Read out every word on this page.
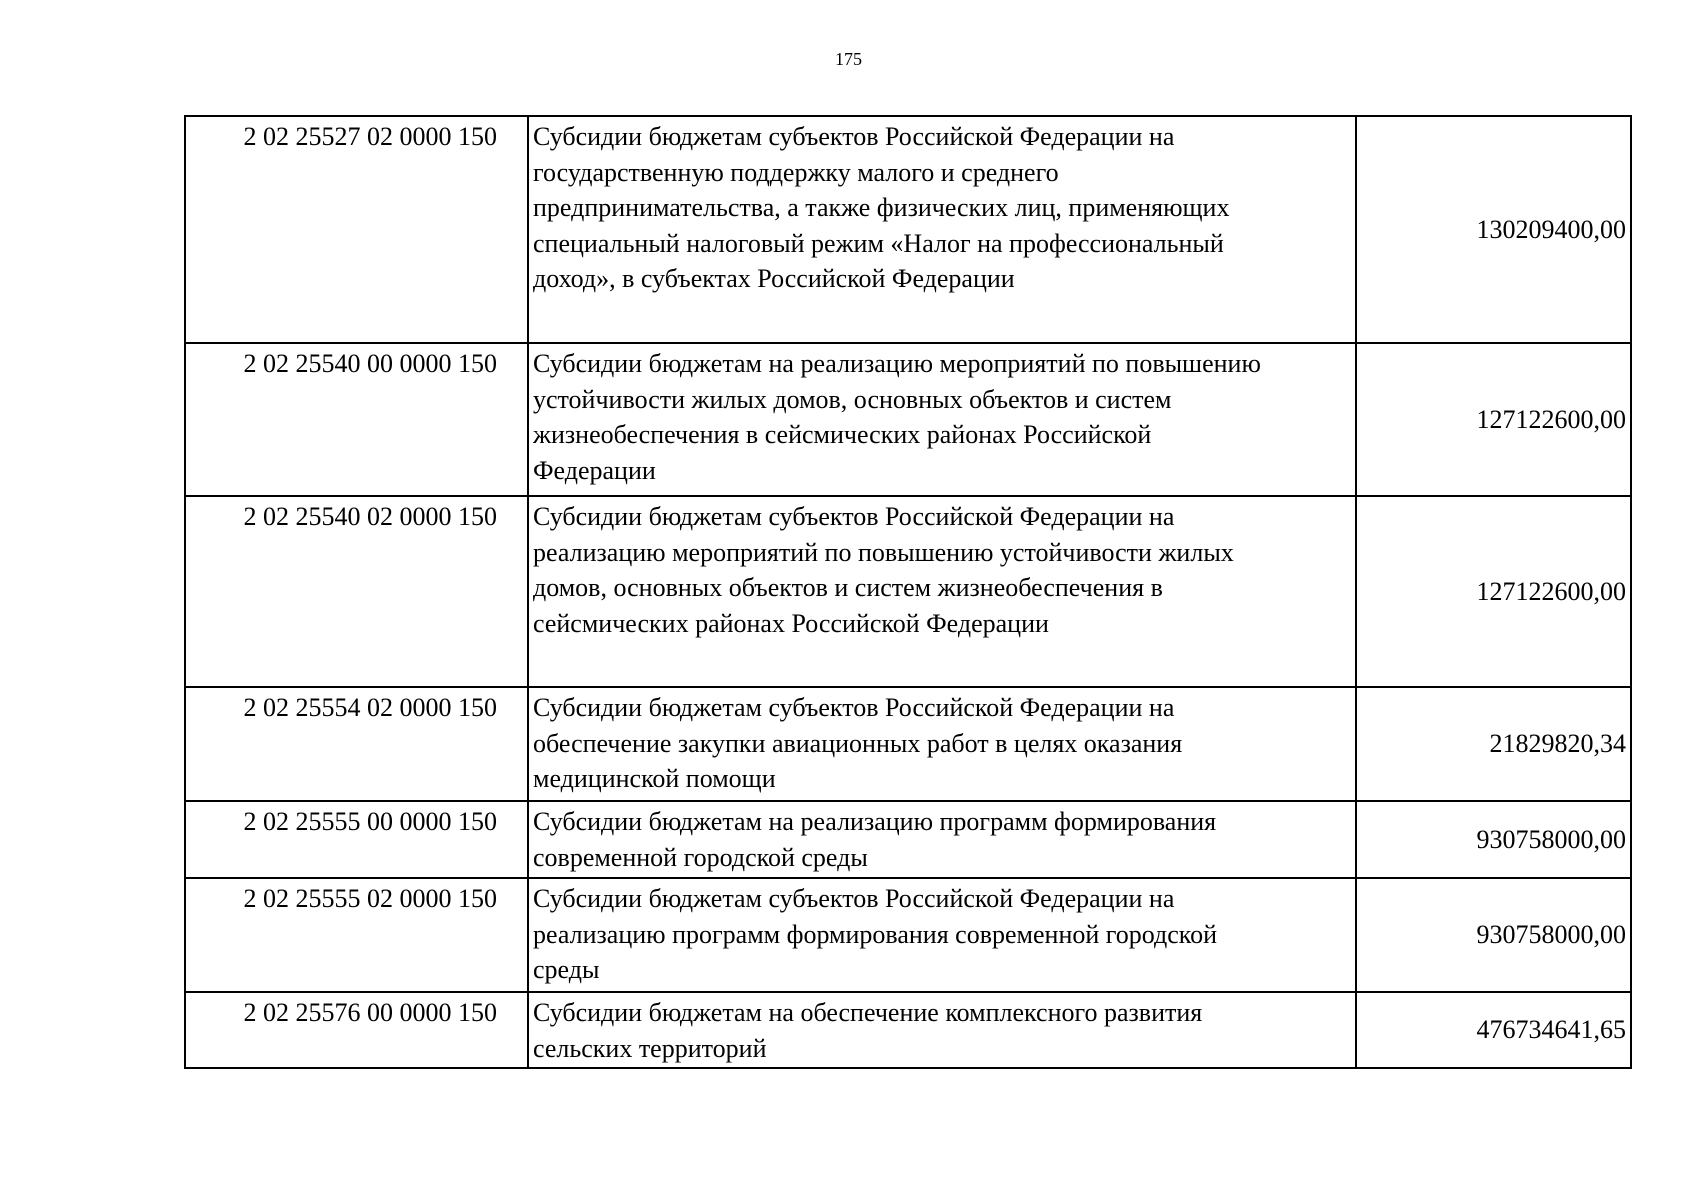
175
2 02 25527 02 0000 150	Субсидии бюджетам субъектов Российской Федерации на
государственную поддержку малого и среднего
предпринимательства, а также физических лиц, применяющих
специальный налоговый режим «Налог на профессиональный
доход», в субъектах Российской Федерации	130209400,00
2 02 25540 00 0000 150	Субсидии бюджетам на реализацию мероприятий по повышению
устойчивости жилых домов, основных объектов и систем
жизнеобеспечения в сейсмических районах Российской
Федерации	127122600,00
2 02 25540 02 0000 150	Субсидии бюджетам субъектов Российской Федерации на
реализацию мероприятий по повышению устойчивости жилых
домов, основных объектов и систем жизнеобеспечения в
сейсмических районах Российской Федерации	127122600,00
2 02 25554 02 0000 150	Субсидии бюджетам субъектов Российской Федерации на
обеспечение закупки авиационных работ в целях оказания
медицинской помощи	21829820,34
2 02 25555 00 0000 150	Субсидии бюджетам на реализацию программ формирования
современной городской среды	930758000,00
2 02 25555 02 0000 150	Субсидии бюджетам субъектов Российской Федерации на
реализацию программ формирования современной городской
среды	930758000,00
2 02 25576 00 0000 150	Субсидии бюджетам на обеспечение комплексного развития
сельских территорий	476734641,65
